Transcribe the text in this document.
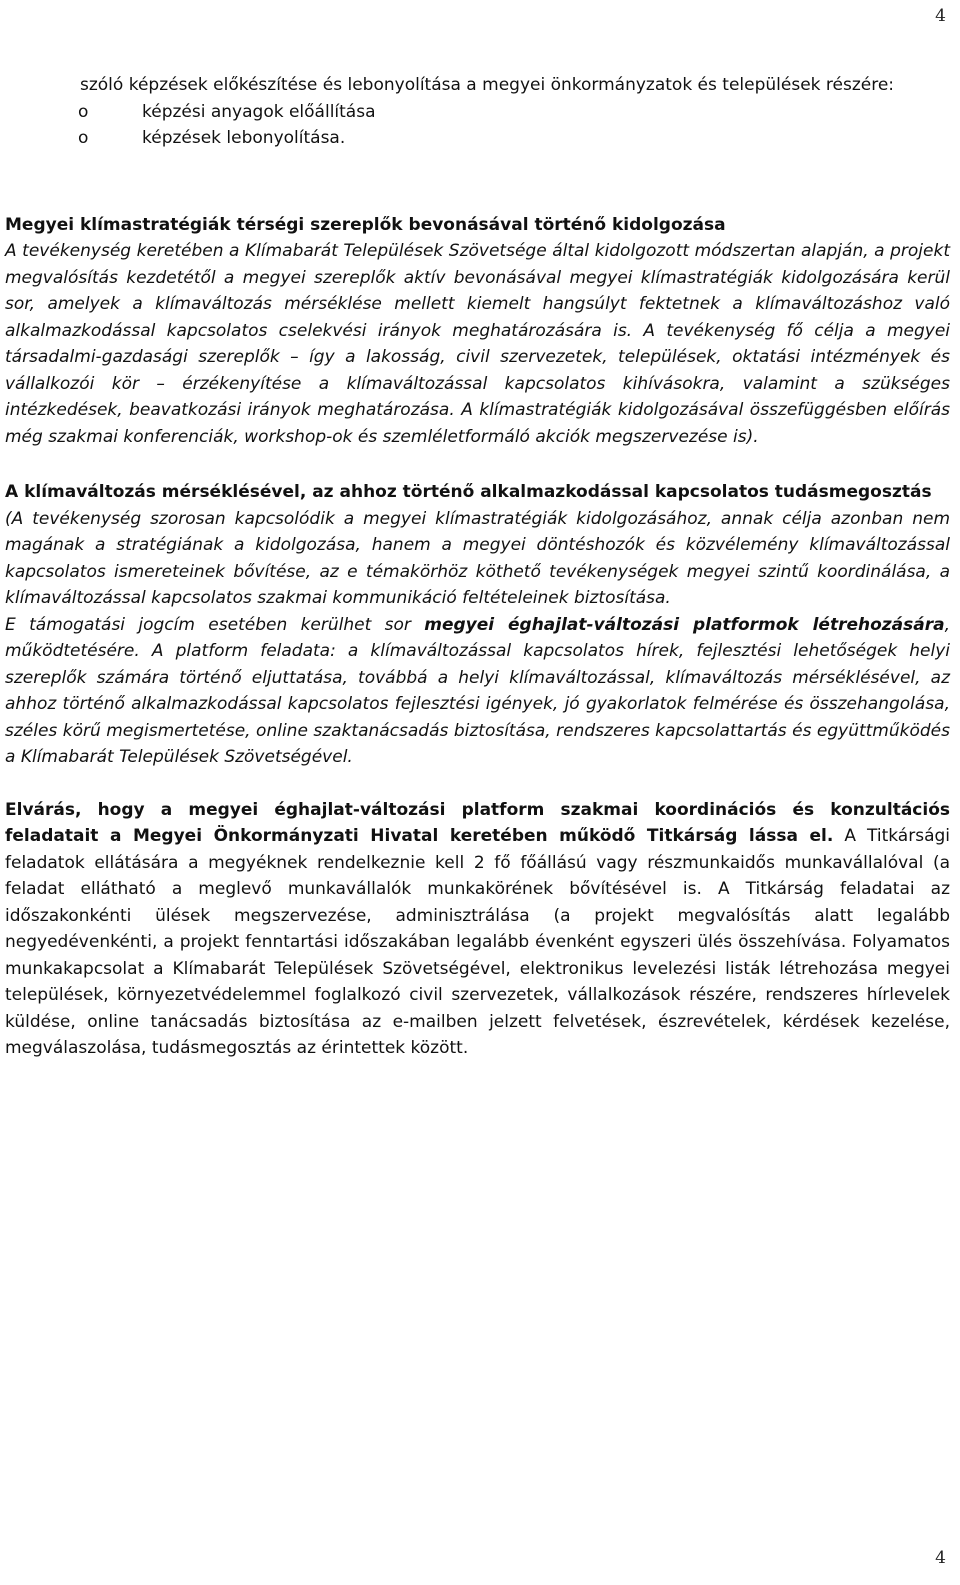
4

szóló képzések előkészítése és lebonyolítása a megyei önkormányzatok és települések részére:

o	képzési anyagok előállítása
o	képzések lebonyolítása.

Megyei klímastratégiák térségi szereplők bevonásával történő kidolgozása

A tevékenység keretében a Klímabarát Települések Szövetsége által kidolgozott módszertan alapján, a projekt megvalósítás kezdetétől a megyei szereplők aktív bevonásával megyei klímastratégiák kidolgozására kerül sor, amelyek a klímaváltozás mérséklése mellett kiemelt hangsúlyt fektetnek a klímaváltozáshoz való alkalmazkodással kapcsolatos cselekvési irányok meghatározására is. A tevékenység fő célja a megyei társadalmi-gazdasági szereplők – így a lakosság, civil szervezetek, települések, oktatási intézmények és vállalkozói kör – érzékenyítése a klímaváltozással kapcsolatos kihívásokra, valamint a szükséges intézkedések, beavatkozási irányok meghatározása. A klímastratégiák kidolgozásával összefüggésben előírás még szakmai konferenciák, workshop-ok és szemléletformáló akciók megszervezése is).

A klímaváltozás mérséklésével, az ahhoz történő alkalmazkodással kapcsolatos tudásmegosztás

(A tevékenység szorosan kapcsolódik a megyei klímastratégiák kidolgozásához, annak célja azonban nem magának a stratégiának a kidolgozása, hanem a megyei döntéshozók és közvélemény klímaváltozással kapcsolatos ismereteinek bővítése, az e témakörhöz köthető tevékenységek megyei szintű koordinálása, a klímaváltozással kapcsolatos szakmai kommunikáció feltételeinek biztosítása.

E támogatási jogcím esetében kerülhet sor megyei éghajlat-változási platformok létrehozására, működtetésére. A platform feladata: a klímaváltozással kapcsolatos hírek, fejlesztési lehetőségek helyi szereplők számára történő eljuttatása, továbbá a helyi klímaváltozással, klímaváltozás mérséklésével, az ahhoz történő alkalmazkodással kapcsolatos fejlesztési igények, jó gyakorlatok felmérése és összehangolása, széles körű megismertetése, online szaktanácsadás biztosítása, rendszeres kapcsolattartás és együttműködés a Klímabarát Települések Szövetségével.

Elvárás, hogy a megyei éghajlat-változási platform szakmai koordinációs és konzultációs feladatait a Megyei Önkormányzati Hivatal keretében működő Titkárság lássa el. A Titkársági feladatok ellátására a megyéknek rendelkeznie kell 2 fő főállású vagy részmunkaidős munkavállalóval (a feladat ellátható a meglevő munkavállalók munkakörének bővítésével is. A Titkárság feladatai az időszakonkénti ülések megszervezése, adminisztrálása (a projekt megvalósítás alatt legalább negyedévenkénti, a projekt fenntartási időszakában legalább évenként egyszeri ülés összehívása. Folyamatos munkakapcsolat a Klímabarát Települések Szövetségével, elektronikus levelezési listák létrehozása megyei települések, környezetvédelemmel foglalkozó civil szervezetek, vállalkozások részére, rendszeres hírlevelek küldése, online tanácsadás biztosítása az e-mailben jelzett felvetések, észrevételek, kérdések kezelése, megválaszolása, tudásmegosztás az érintettek között.

4
